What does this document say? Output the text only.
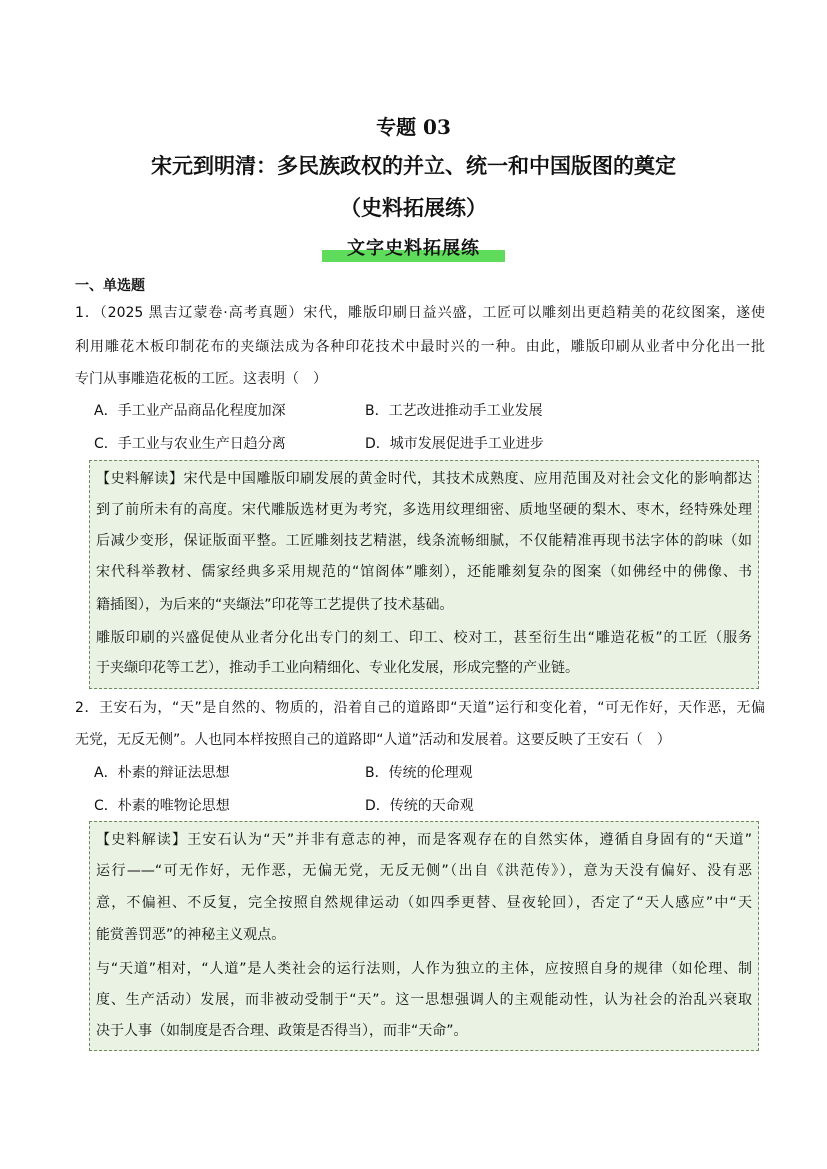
专题 03
宋元到明清：多民族政权的并立、统一和中国版图的奠定
（史料拓展练）
文字史料拓展练
一、单选题
1．（2025 黑吉辽蒙卷·高考真题）宋代，雕版印刷日益兴盛，工匠可以雕刻出更趋精美的花纹图案，遂使
利用雕花木板印制花布的夹缬法成为各种印花技术中最时兴的一种。由此，雕版印刷从业者中分化出一批
专门从事雕造花板的工匠。这表明（　）
A．手工业产品商品化程度加深	B．工艺改进推动手工业发展
C．手工业与农业生产日趋分离	D．城市发展促进手工业进步
【史料解读】宋代是中国雕版印刷发展的黄金时代，其技术成熟度、应用范围及对社会文化的影响都达
到了前所未有的高度。宋代雕版选材更为考究，多选用纹理细密、质地坚硬的梨木、枣木，经特殊处理
后减少变形，保证版面平整。工匠雕刻技艺精湛，线条流畅细腻，不仅能精准再现书法字体的韵味（如
宋代科举教材、儒家经典多采用规范的“馆阁体”雕刻），还能雕刻复杂的图案（如佛经中的佛像、书
籍插图），为后来的“夹缬法”印花等工艺提供了技术基础。
雕版印刷的兴盛促使从业者分化出专门的刻工、印工、校对工，甚至衍生出“雕造花板”的工匠（服务
于夹缬印花等工艺），推动手工业向精细化、专业化发展，形成完整的产业链。
2．王安石为，“天”是自然的、物质的，沿着自己的道路即“天道”运行和变化着，“可无作好，天作恶，无偏
无党，无反无侧”。人也同本样按照自己的道路即“人道”活动和发展着。这要反映了王安石（　）
A．朴素的辩证法思想	B．传统的伦理观
C．朴素的唯物论思想	D．传统的天命观
【史料解读】王安石认为“天”并非有意志的神，而是客观存在的自然实体，遵循自身固有的“天道”
运行——“可无作好，无作恶，无偏无党，无反无侧”（出自《洪范传》），意为天没有偏好、没有恶
意，不偏袒、不反复，完全按照自然规律运动（如四季更替、昼夜轮回），否定了“天人感应”中“天
能赏善罚恶”的神秘主义观点。
与“天道”相对，“人道”是人类社会的运行法则，人作为独立的主体，应按照自身的规律（如伦理、制
度、生产活动）发展，而非被动受制于“天”。这一思想强调人的主观能动性，认为社会的治乱兴衰取
决于人事（如制度是否合理、政策是否得当），而非“天命”。
